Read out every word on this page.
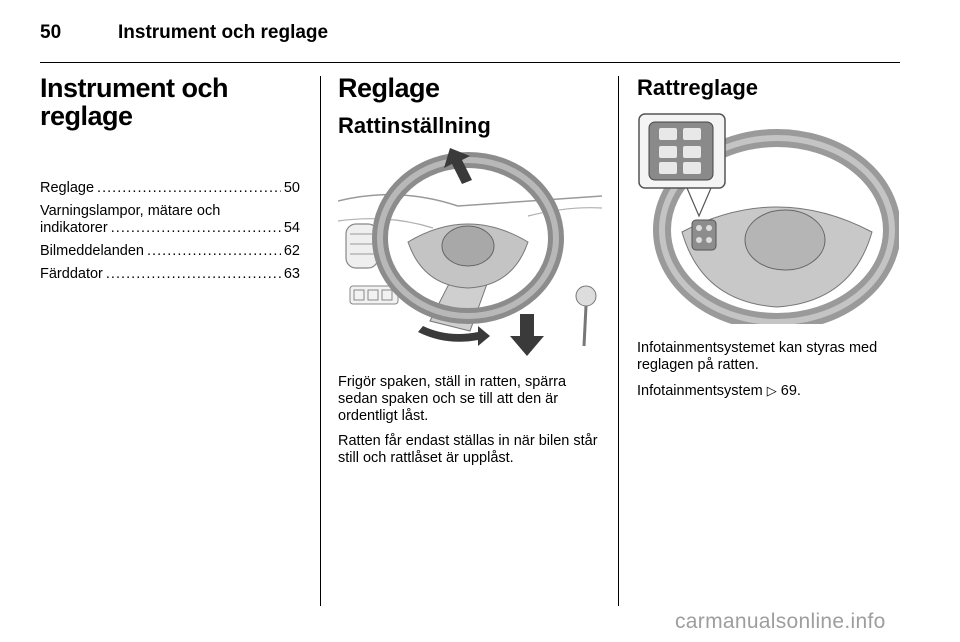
50	Instrument och reglage
Instrument och
reglage
Reglage . . .	50
Varningslampor, mätare och
indikatorer . . .	54
Bilmeddelanden . . .	62
Färddator . . .	63
Reglage
Rattinställning

Frigör spaken, ställ in ratten, spärra sedan spaken och se till att den är ordentligt låst.

Ratten får endast ställas in när bilen står still och rattlåset är upplåst.

Rattreglage

Infotainmentsystemet kan styras med reglagen på ratten.

Infotainmentsystem ▷ 69.

carmanualsonline.info
